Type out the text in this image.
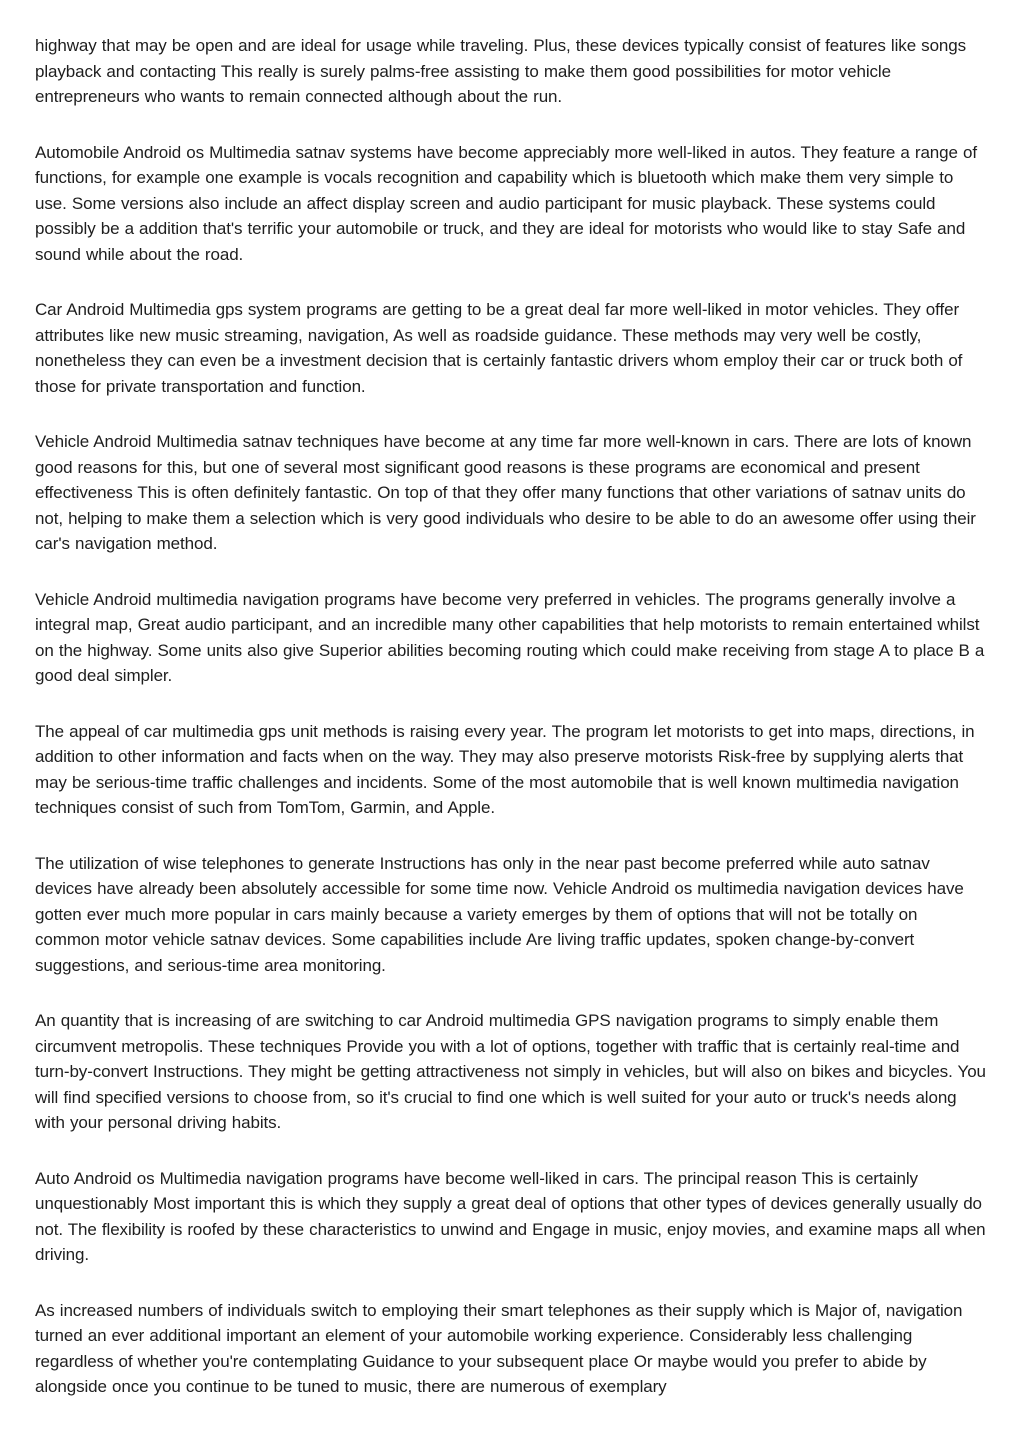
highway that may be open and are ideal for usage while traveling. Plus, these devices typically consist of features like songs playback and contacting This really is surely palms-free assisting to make them good possibilities for motor vehicle entrepreneurs who wants to remain connected although about the run.

Automobile Android os Multimedia satnav systems have become appreciably more well-liked in autos. They feature a range of functions, for example one example is vocals recognition and capability which is bluetooth which make them very simple to use. Some versions also include an affect display screen and audio participant for music playback. These systems could possibly be a addition that's terrific your automobile or truck, and they are ideal for motorists who would like to stay Safe and sound while about the road.

Car Android Multimedia gps system programs are getting to be a great deal far more well-liked in motor vehicles. They offer attributes like new music streaming, navigation, As well as roadside guidance. These methods may very well be costly, nonetheless they can even be a investment decision that is certainly fantastic drivers whom employ their car or truck both of those for private transportation and function.

Vehicle Android Multimedia satnav techniques have become at any time far more well-known in cars. There are lots of known good reasons for this, but one of several most significant good reasons is these programs are economical and present effectiveness This is often definitely fantastic. On top of that they offer many functions that other variations of satnav units do not, helping to make them a selection which is very good individuals who desire to be able to do an awesome offer using their car's navigation method.

Vehicle Android multimedia navigation programs have become very preferred in vehicles. The programs generally involve a integral map, Great audio participant, and an incredible many other capabilities that help motorists to remain entertained whilst on the highway. Some units also give Superior abilities becoming routing which could make receiving from stage A to place B a good deal simpler.

The appeal of car multimedia gps unit methods is raising every year. The program let motorists to get into maps, directions, in addition to other information and facts when on the way. They may also preserve motorists Risk-free by supplying alerts that may be serious-time traffic challenges and incidents. Some of the most automobile that is well known multimedia navigation techniques consist of such from TomTom, Garmin, and Apple.

The utilization of wise telephones to generate Instructions has only in the near past become preferred while auto satnav devices have already been absolutely accessible for some time now. Vehicle Android os multimedia navigation devices have gotten ever much more popular in cars mainly because a variety emerges by them of options that will not be totally on common motor vehicle satnav devices. Some capabilities include Are living traffic updates, spoken change-by-convert suggestions, and serious-time area monitoring.

An quantity that is increasing of are switching to car Android multimedia GPS navigation programs to simply enable them circumvent metropolis. These techniques Provide you with a lot of options, together with traffic that is certainly real-time and turn-by-convert Instructions. They might be getting attractiveness not simply in vehicles, but will also on bikes and bicycles. You will find specified versions to choose from, so it's crucial to find one which is well suited for your auto or truck's needs along with your personal driving habits.

Auto Android os Multimedia navigation programs have become well-liked in cars. The principal reason This is certainly unquestionably Most important this is which they supply a great deal of options that other types of devices generally usually do not. The flexibility is roofed by these characteristics to unwind and Engage in music, enjoy movies, and examine maps all when driving.

As increased numbers of individuals switch to employing their smart telephones as their supply which is Major of, navigation turned an ever additional important an element of your automobile working experience. Considerably less challenging regardless of whether you're contemplating Guidance to your subsequent place Or maybe would you prefer to abide by alongside once you continue to be tuned to music, there are numerous of exemplary
